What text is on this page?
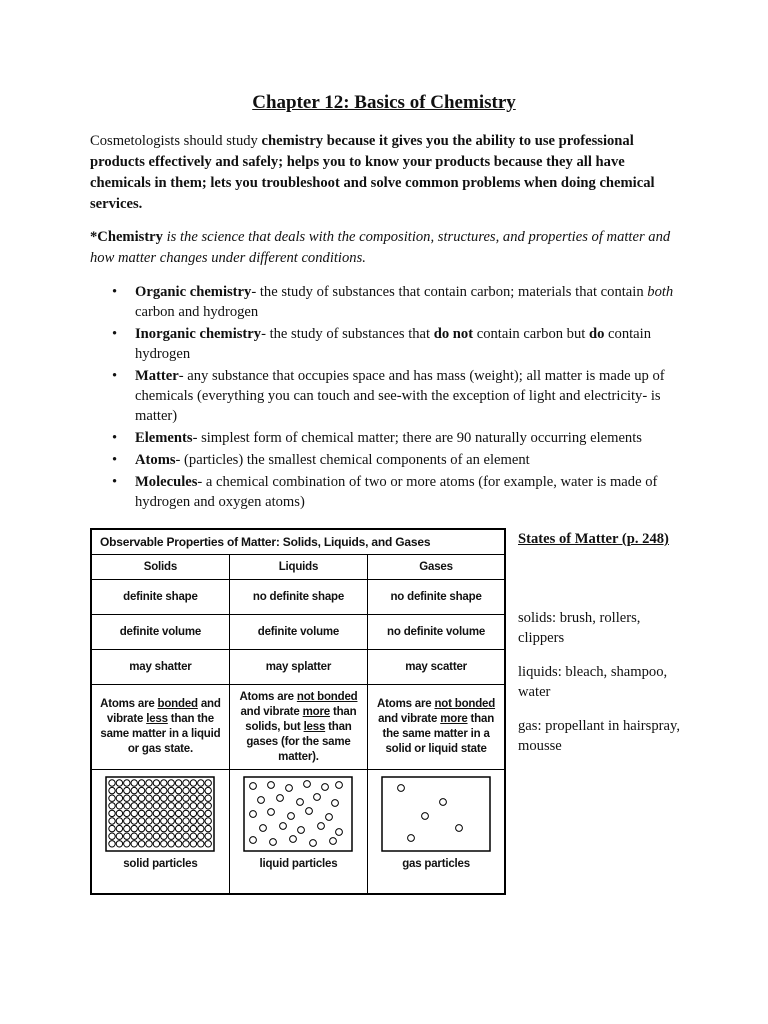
Chapter 12: Basics of Chemistry

Cosmetologists should study chemistry because it gives you the ability to use professional products effectively and safely; helps you to know your products because they all have chemicals in them; lets you troubleshoot and solve common problems when doing chemical services.

*Chemistry is the science that deals with the composition, structures, and properties of matter and how matter changes under different conditions.

• Organic chemistry- the study of substances that contain carbon; materials that contain both carbon and hydrogen
• Inorganic chemistry- the study of substances that do not contain carbon but do contain hydrogen
• Matter- any substance that occupies space and has mass (weight); all matter is made up of chemicals (everything you can touch and see-with the exception of light and electricity- is matter)
• Elements- simplest form of chemical matter; there are 90 naturally occurring elements
• Atoms- (particles) the smallest chemical components of an element
• Molecules- a chemical combination of two or more atoms (for example, water is made of hydrogen and oxygen atoms)
Observable Properties of Matter: Solids, Liquids, and Gases		
Solids	Liquids	Gases
definite shape	no definite shape	no definite shape
definite volume	definite volume	no definite volume
may shatter	may splatter	may scatter
Atoms are bonded and vibrate less than the same matter in a liquid or gas state.	Atoms are not bonded and vibrate more than solids, but less than gases (for the same matter).	Atoms are not bonded and vibrate more than the same matter in a solid or liquid state

solid particles	liquid particles	gas particles

States of Matter (p. 248)

solids: brush, rollers, clippers

liquids: bleach, shampoo, water

gas: propellant in hairspray, mousse
